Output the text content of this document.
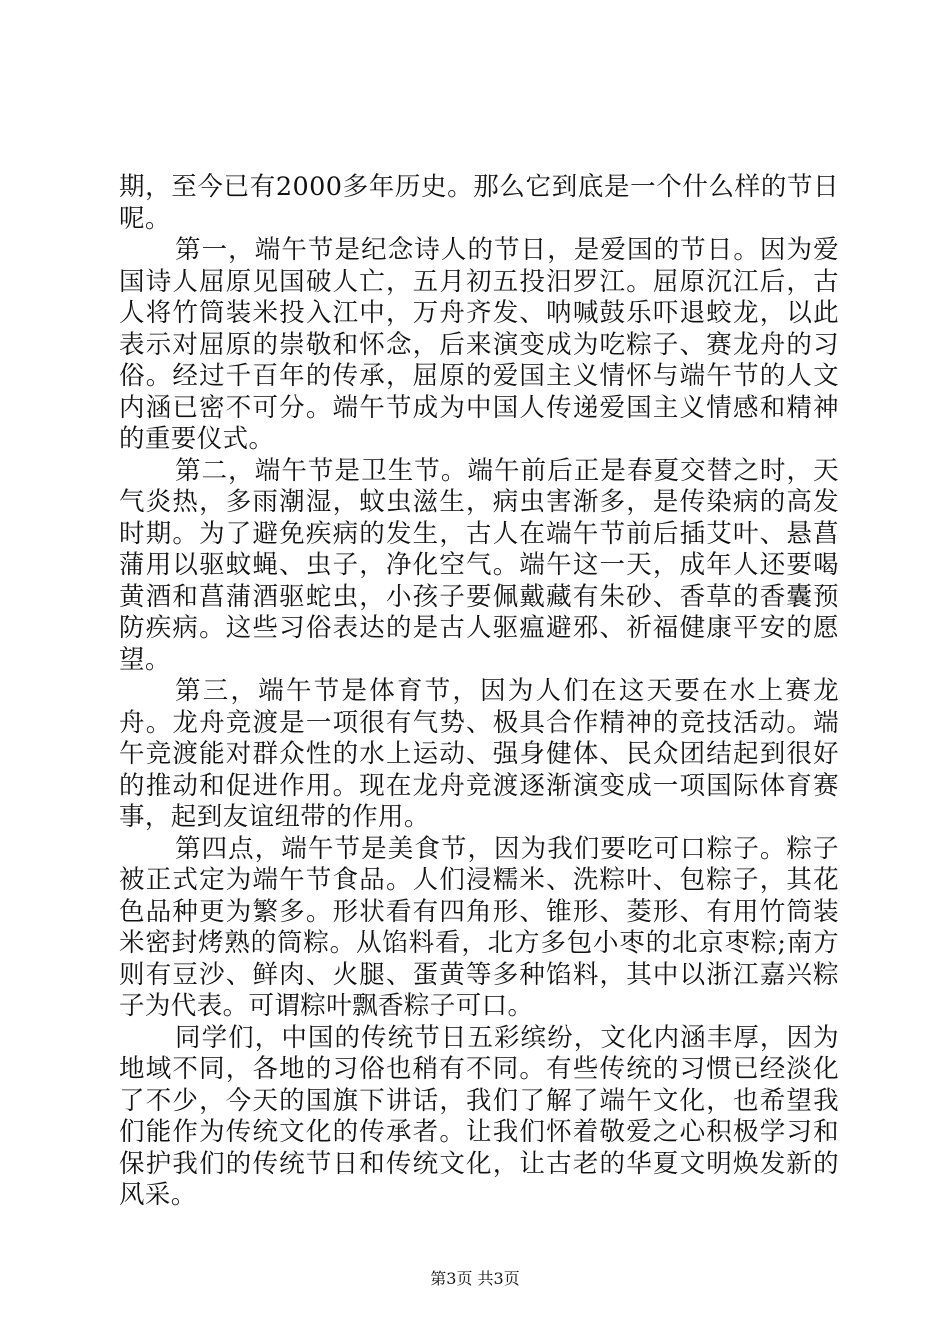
期，至今已有2000多年历史。那么它到底是一个什么样的节日呢。

第一，端午节是纪念诗人的节日，是爱国的节日。因为爱国诗人屈原见国破人亡，五月初五投汨罗江。屈原沉江后，古人将竹筒装米投入江中，万舟齐发、呐喊鼓乐吓退蛟龙，以此表示对屈原的崇敬和怀念，后来演变成为吃粽子、赛龙舟的习俗。经过千百年的传承，屈原的爱国主义情怀与端午节的人文内涵已密不可分。端午节成为中国人传递爱国主义情感和精神的重要仪式。

第二，端午节是卫生节。端午前后正是春夏交替之时，天气炎热，多雨潮湿，蚊虫滋生，病虫害渐多，是传染病的高发时期。为了避免疾病的发生，古人在端午节前后插艾叶、悬菖蒲用以驱蚊蝇、虫子，净化空气。端午这一天，成年人还要喝黄酒和菖蒲酒驱蛇虫，小孩子要佩戴藏有朱砂、香草的香囊预防疾病。这些习俗表达的是古人驱瘟避邪、祈福健康平安的愿望。

第三，端午节是体育节，因为人们在这天要在水上赛龙舟。龙舟竞渡是一项很有气势、极具合作精神的竞技活动。端午竞渡能对群众性的水上运动、强身健体、民众团结起到很好的推动和促进作用。现在龙舟竞渡逐渐演变成一项国际体育赛事，起到友谊纽带的作用。

第四点，端午节是美食节，因为我们要吃可口粽子。粽子被正式定为端午节食品。人们浸糯米、洗粽叶、包粽子，其花色品种更为繁多。形状看有四角形、锥形、菱形、有用竹筒装米密封烤熟的筒粽。从馅料看，北方多包小枣的北京枣粽;南方则有豆沙、鲜肉、火腿、蛋黄等多种馅料，其中以浙江嘉兴粽子为代表。可谓粽叶飘香粽子可口。

同学们，中国的传统节日五彩缤纷，文化内涵丰厚，因为地域不同，各地的习俗也稍有不同。有些传统的习惯已经淡化了不少，今天的国旗下讲话，我们了解了端午文化，也希望我们能作为传统文化的传承者。让我们怀着敬爱之心积极学习和保护我们的传统节日和传统文化，让古老的华夏文明焕发新的风采。

第3页 共3页
